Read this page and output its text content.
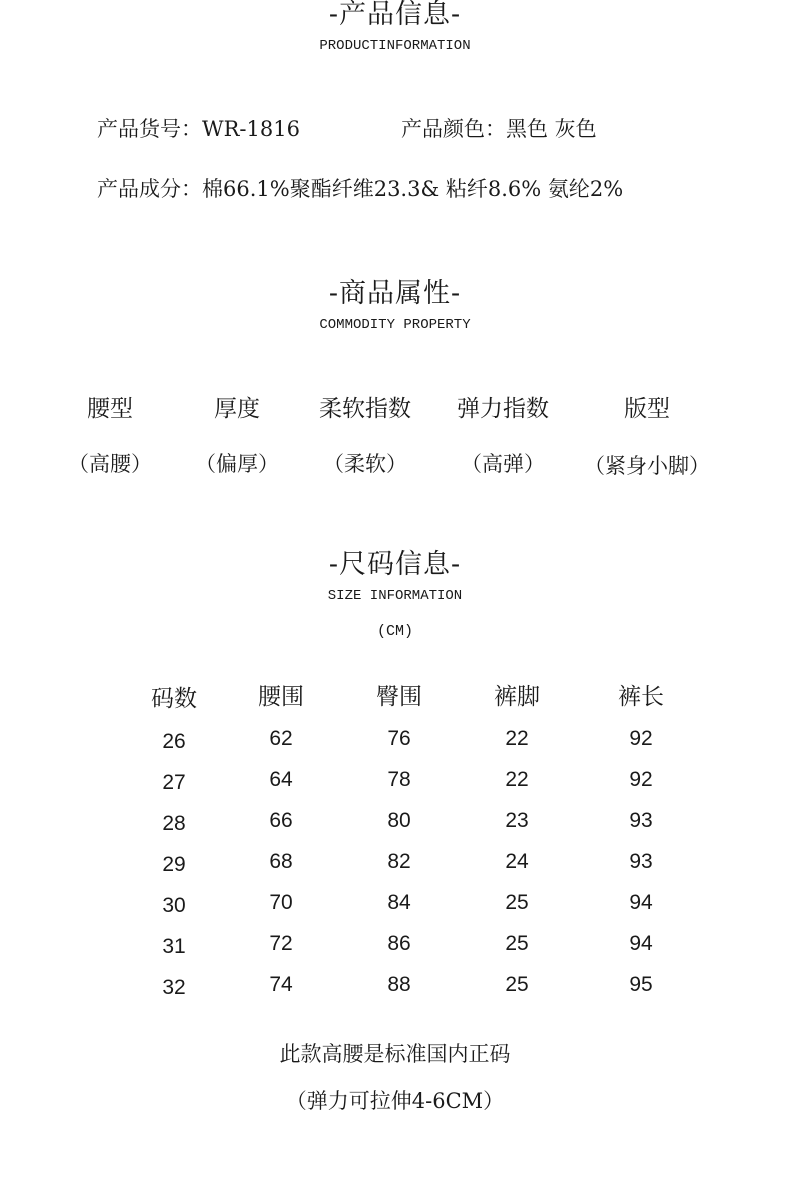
-产品信息-
PRODUCTINFORMATION
产品货号：WR-1816	产品颜色：黑色 灰色
产品成分：棉66.1%聚酯纤维23.3& 粘纤8.6% 氨纶2%
-商品属性-
COMMODITY PROPERTY
腰型	厚度	柔软指数	弹力指数	版型
（高腰）	（偏厚）	（柔软）	（高弹）	（紧身小脚）
-尺码信息-
SIZE INFORMATION
(CM)
码数	腰围	臀围	裤脚	裤长
26	62	76	22	92
27	64	78	22	92
28	66	80	23	93
29	68	82	24	93
30	70	84	25	94
31	72	86	25	94
32	74	88	25	95
此款高腰是标准国内正码
（弹力可拉伸4-6CM）
